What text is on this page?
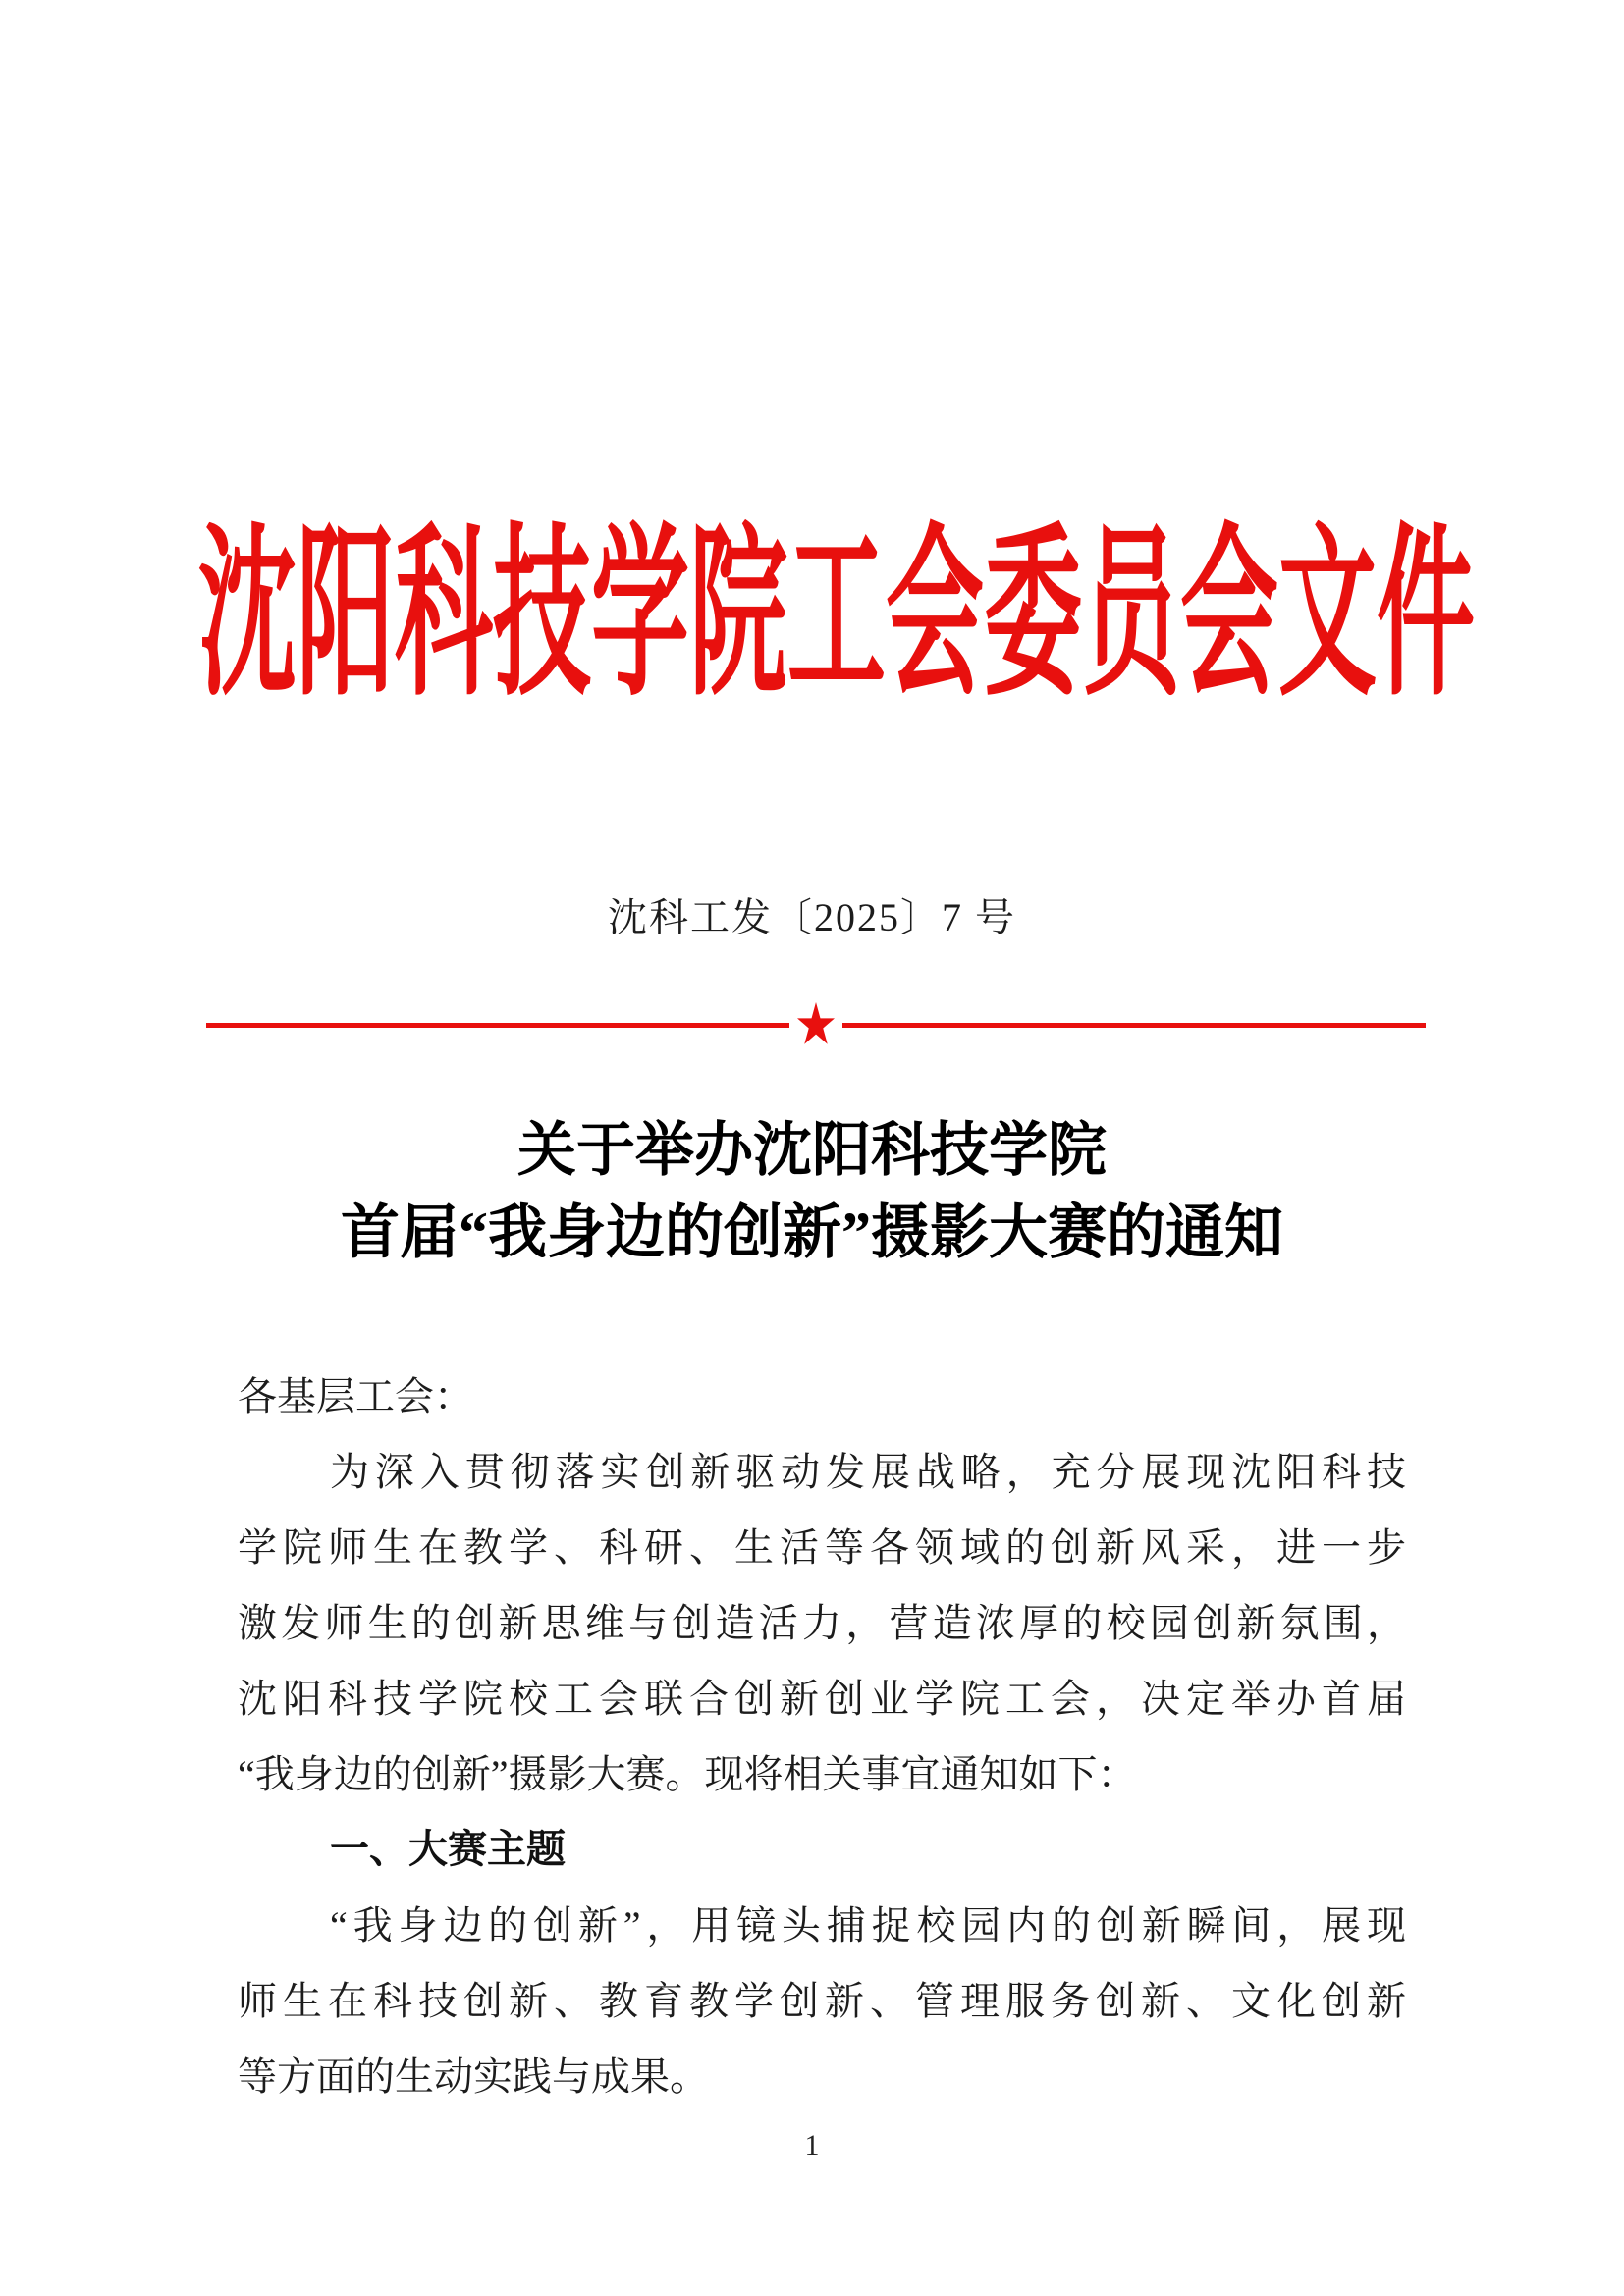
沈阳科技学院工会委员会文件
沈科工发〔2025〕7 号
关于举办沈阳科技学院
首届“我身边的创新”摄影大赛的通知
各基层工会：
为深入贯彻落实创新驱动发展战略，充分展现沈阳科技
学院师生在教学、科研、生活等各领域的创新风采，进一步
激发师生的创新思维与创造活力，营造浓厚的校园创新氛围，
沈阳科技学院校工会联合创新创业学院工会，决定举办首届
“我身边的创新”摄影大赛。现将相关事宜通知如下：
一、大赛主题
“我身边的创新”，用镜头捕捉校园内的创新瞬间，展现
师生在科技创新、教育教学创新、管理服务创新、文化创新
等方面的生动实践与成果。
1
